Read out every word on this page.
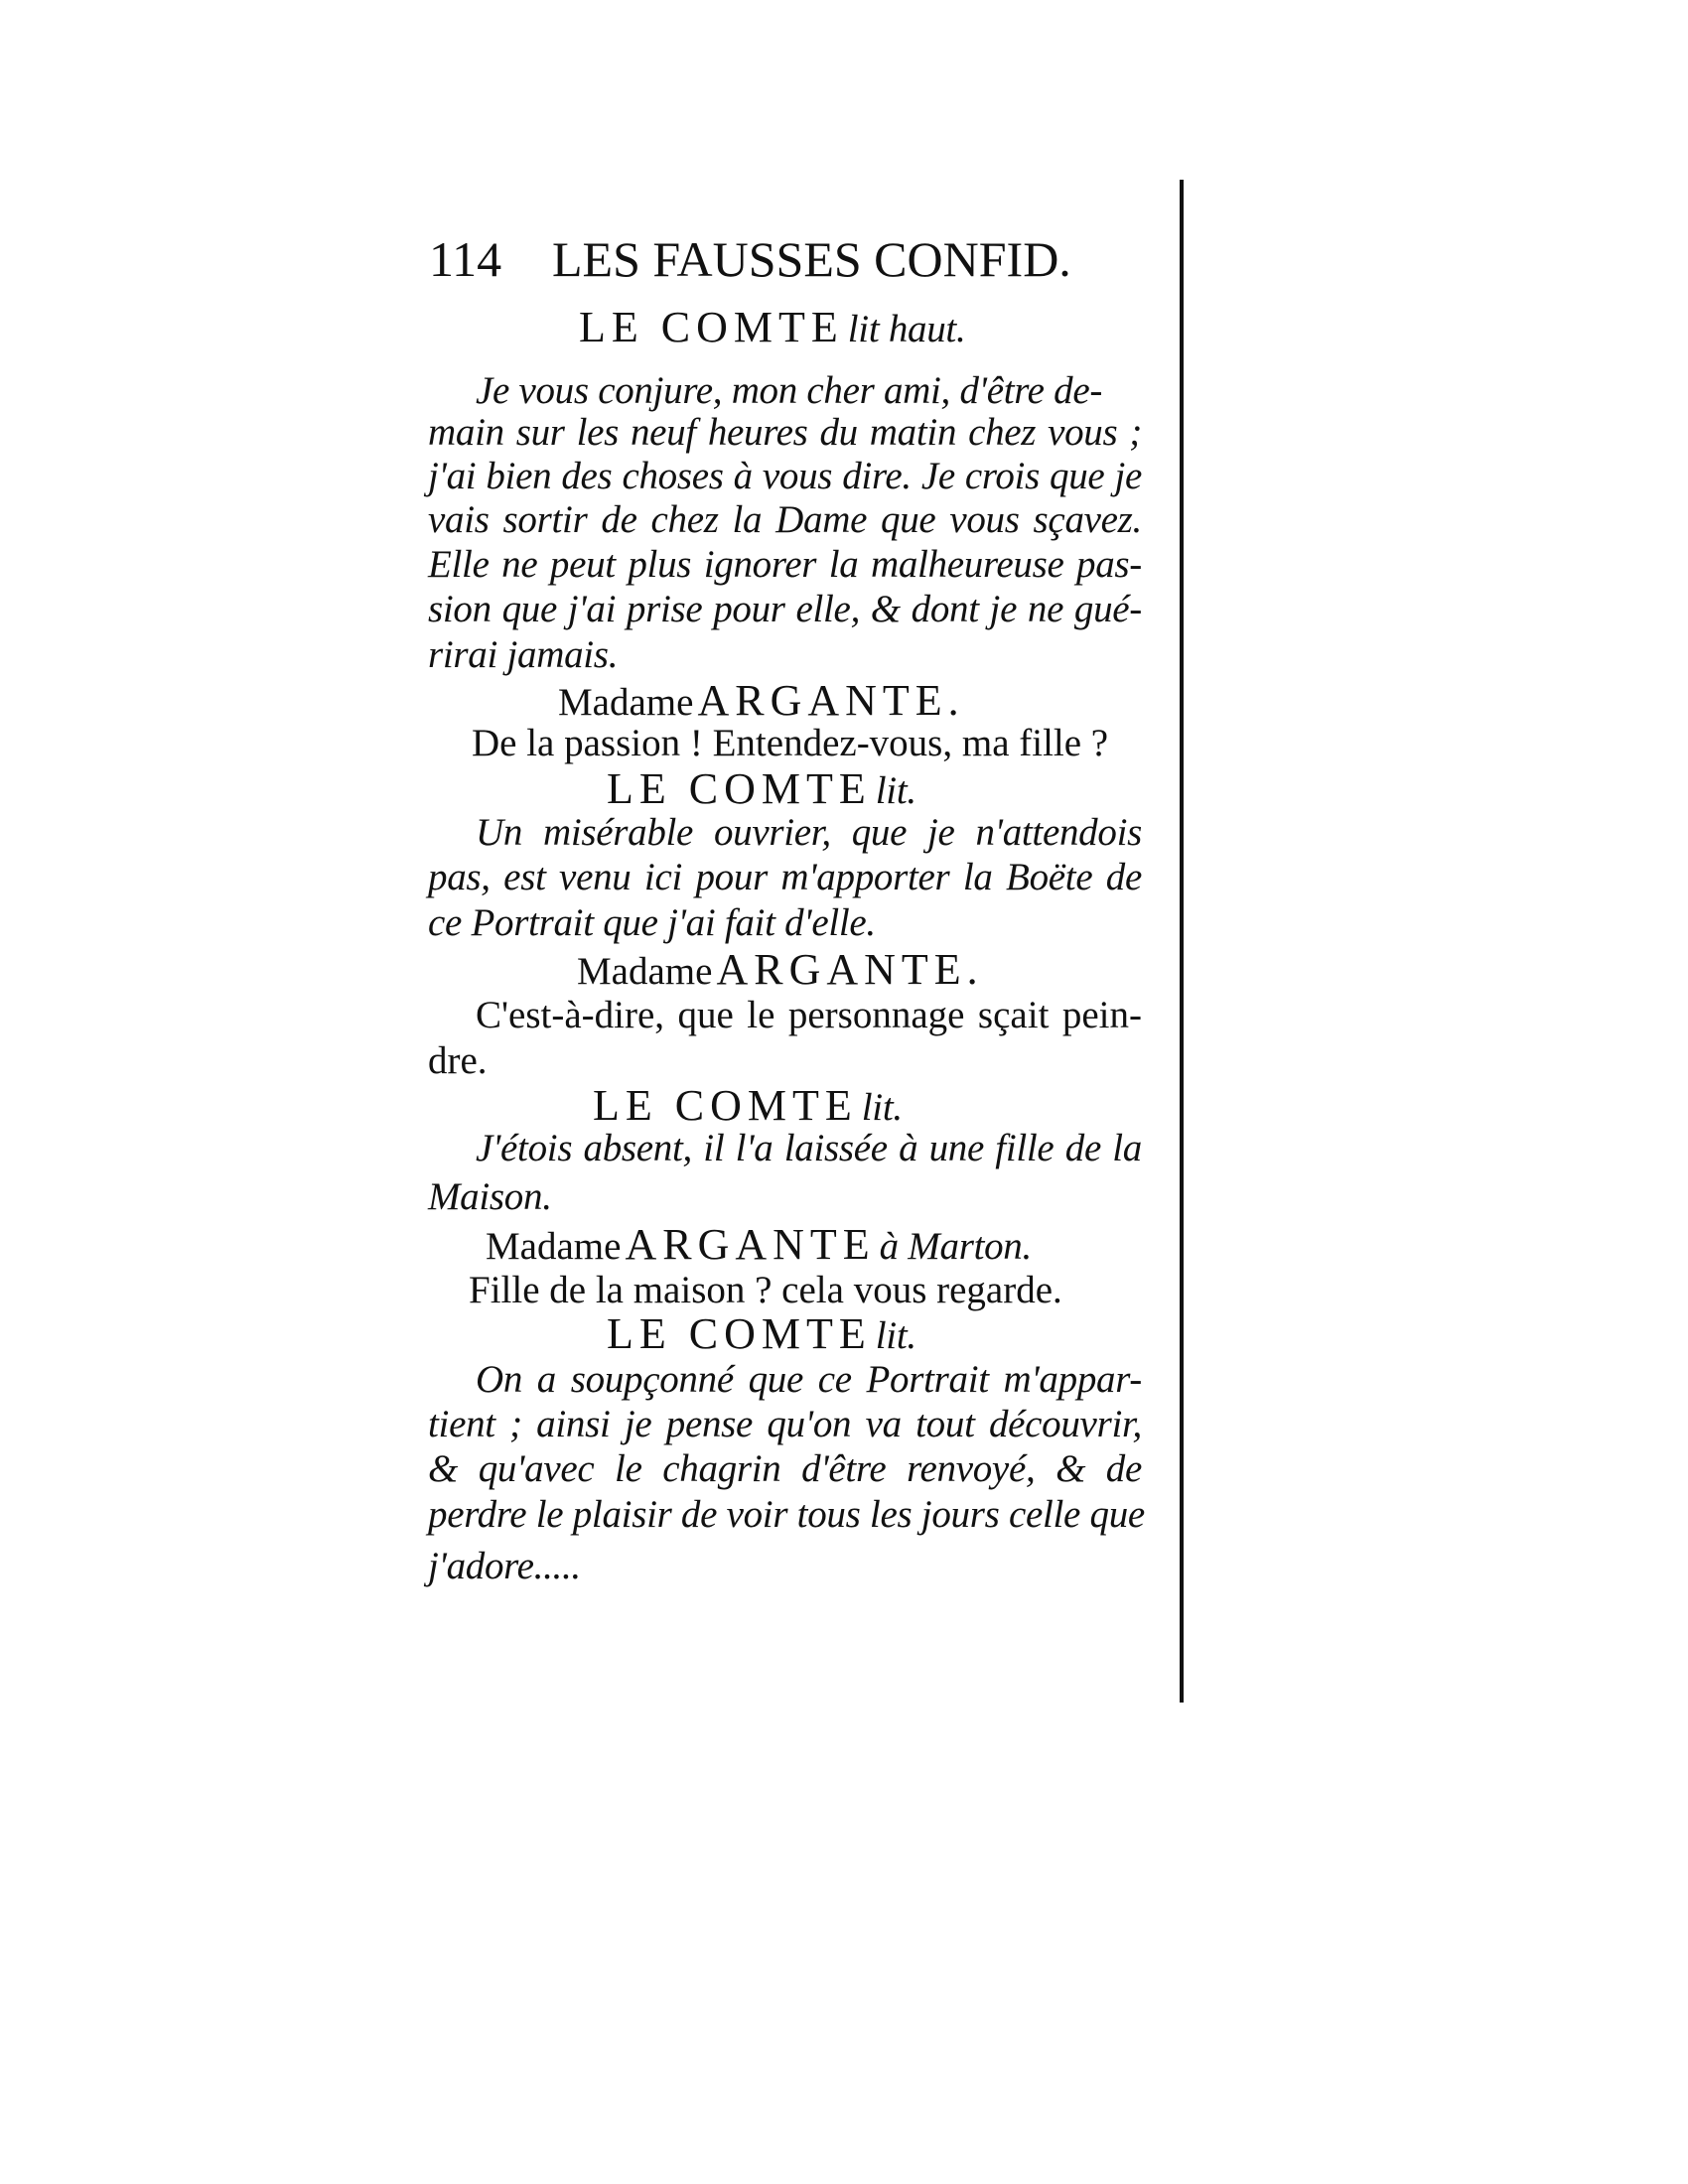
114 LES FAUSSES CONFID.
LE COMTE lit haut.
Je vous conjure, mon cher ami, d'être de-
main sur les neuf heures du matin chez vous ;
j'ai bien des choses à vous dire. Je crois que je
vais sortir de chez la Dame que vous sçavez.
Elle ne peut plus ignorer la malheureuse pas-
sion que j'ai prise pour elle, & dont je ne gué-
rirai jamais.
Madame ARGANTE.
De la passion ! Entendez-vous, ma fille ?
LE COMTE lit.
Un misérable ouvrier, que je n'attendois
pas, est venu ici pour m'apporter la Boëte de
ce Portrait que j'ai fait d'elle.
Madame ARGANTE.
C'est-à-dire, que le personnage sçait pein-
dre.
LE COMTE lit.
J'étois absent, il l'a laissée à une fille de la
Maison.
Madame ARGANTE à Marton.
Fille de la maison ? cela vous regarde.
LE COMTE lit.
On a soupçonné que ce Portrait m'appar-
tient ; ainsi je pense qu'on va tout découvrir,
& qu'avec le chagrin d'être renvoyé, & de
perdre le plaisir de voir tous les jours celle que
j'adore.....
